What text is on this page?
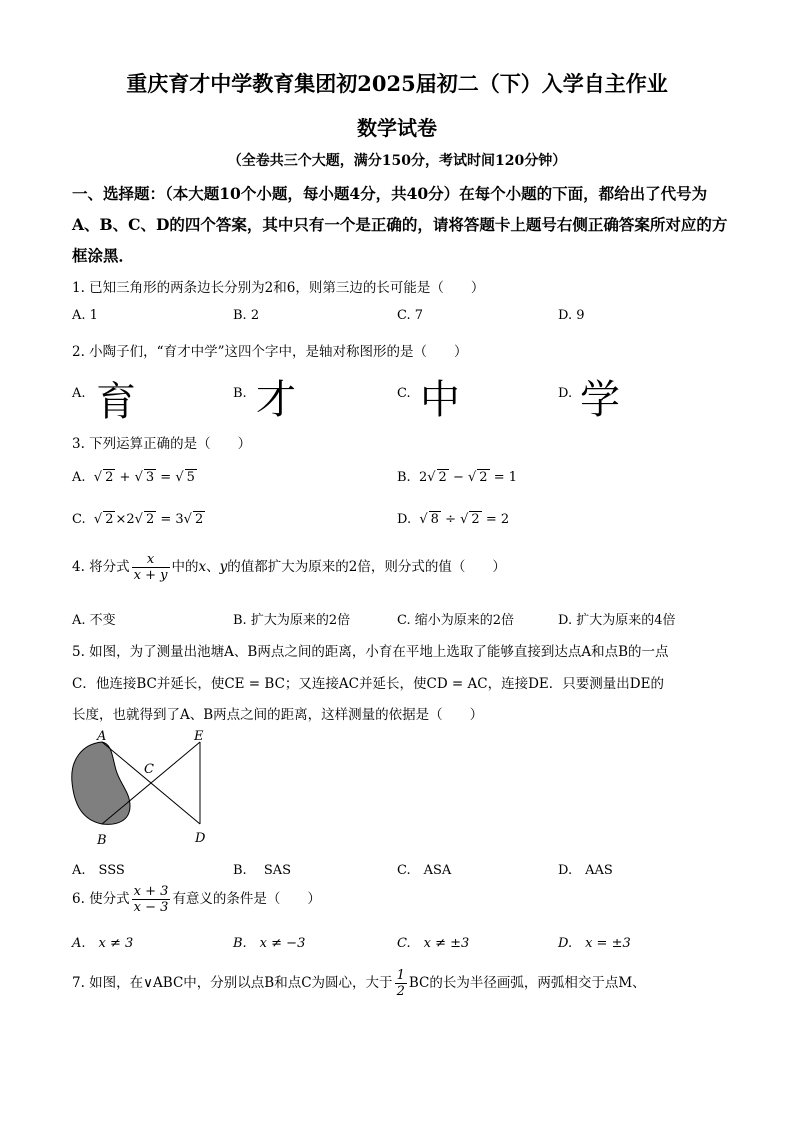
重庆育才中学教育集团初2025届初二（下）入学自主作业
数学试卷
（全卷共三个大题，满分150分，考试时间120分钟）
一、选择题：（本大题10个小题，每小题4分，共40分）在每个小题的下面，都给出了代号为A、B、C、D的四个答案，其中只有一个是正确的，请将答题卡上题号右侧正确答案所对应的方框涂黑．
1. 已知三角形的两条边长分别为2和6，则第三边的长可能是（　　）
A. 1	B. 2	C. 7	D. 9
2. 小陶子们，“育才中学”这四个字中，是轴对称图形的是（　　）
A. 育	B. 才	C. 中	D. 学
3. 下列运算正确的是（　　）
A. √ 2 + √ 3 = √ 5	B. 2√ 2 − √ 2 = 1
C. √ 2 ×2√ 2 = 3√ 2	D. √ 8 ÷ √ 2 = 2
4. 将分式 $\frac{x}{x + y}$ 中的x、y的值都扩大为原来的2倍，则分式的值（　　）
A. 不变	B. 扩大为原来的2倍	C. 缩小为原来的2倍	D. 扩大为原来的4倍
5. 如图，为了测量出池塘A、B两点之间的距离，小育在平地上选取了能够直接到达点A和点B的一点
C．他连接BC并延长，使CE = BC；又连接AC并延长，使CD = AC，连接DE．只要测量出DE的
长度，也就得到了A、B两点之间的距离，这样测量的依据是（　　）
A	E
C
B	D
A.　SSS	B.　 SAS	C.　ASA	D.　AAS
6. 使分式 $\frac{x + 3}{x - 3}$ 有意义的条件是（　　）
A.　x ≠ 3	B.　x ≠ −3	C.　x ≠ ±3	D.　x = ±3
7. 如图，在∨ABC中，分别以点B和点C为圆心，大于 $\frac{1}{2}$ BC的长为半径画弧，两弧相交于点M、
